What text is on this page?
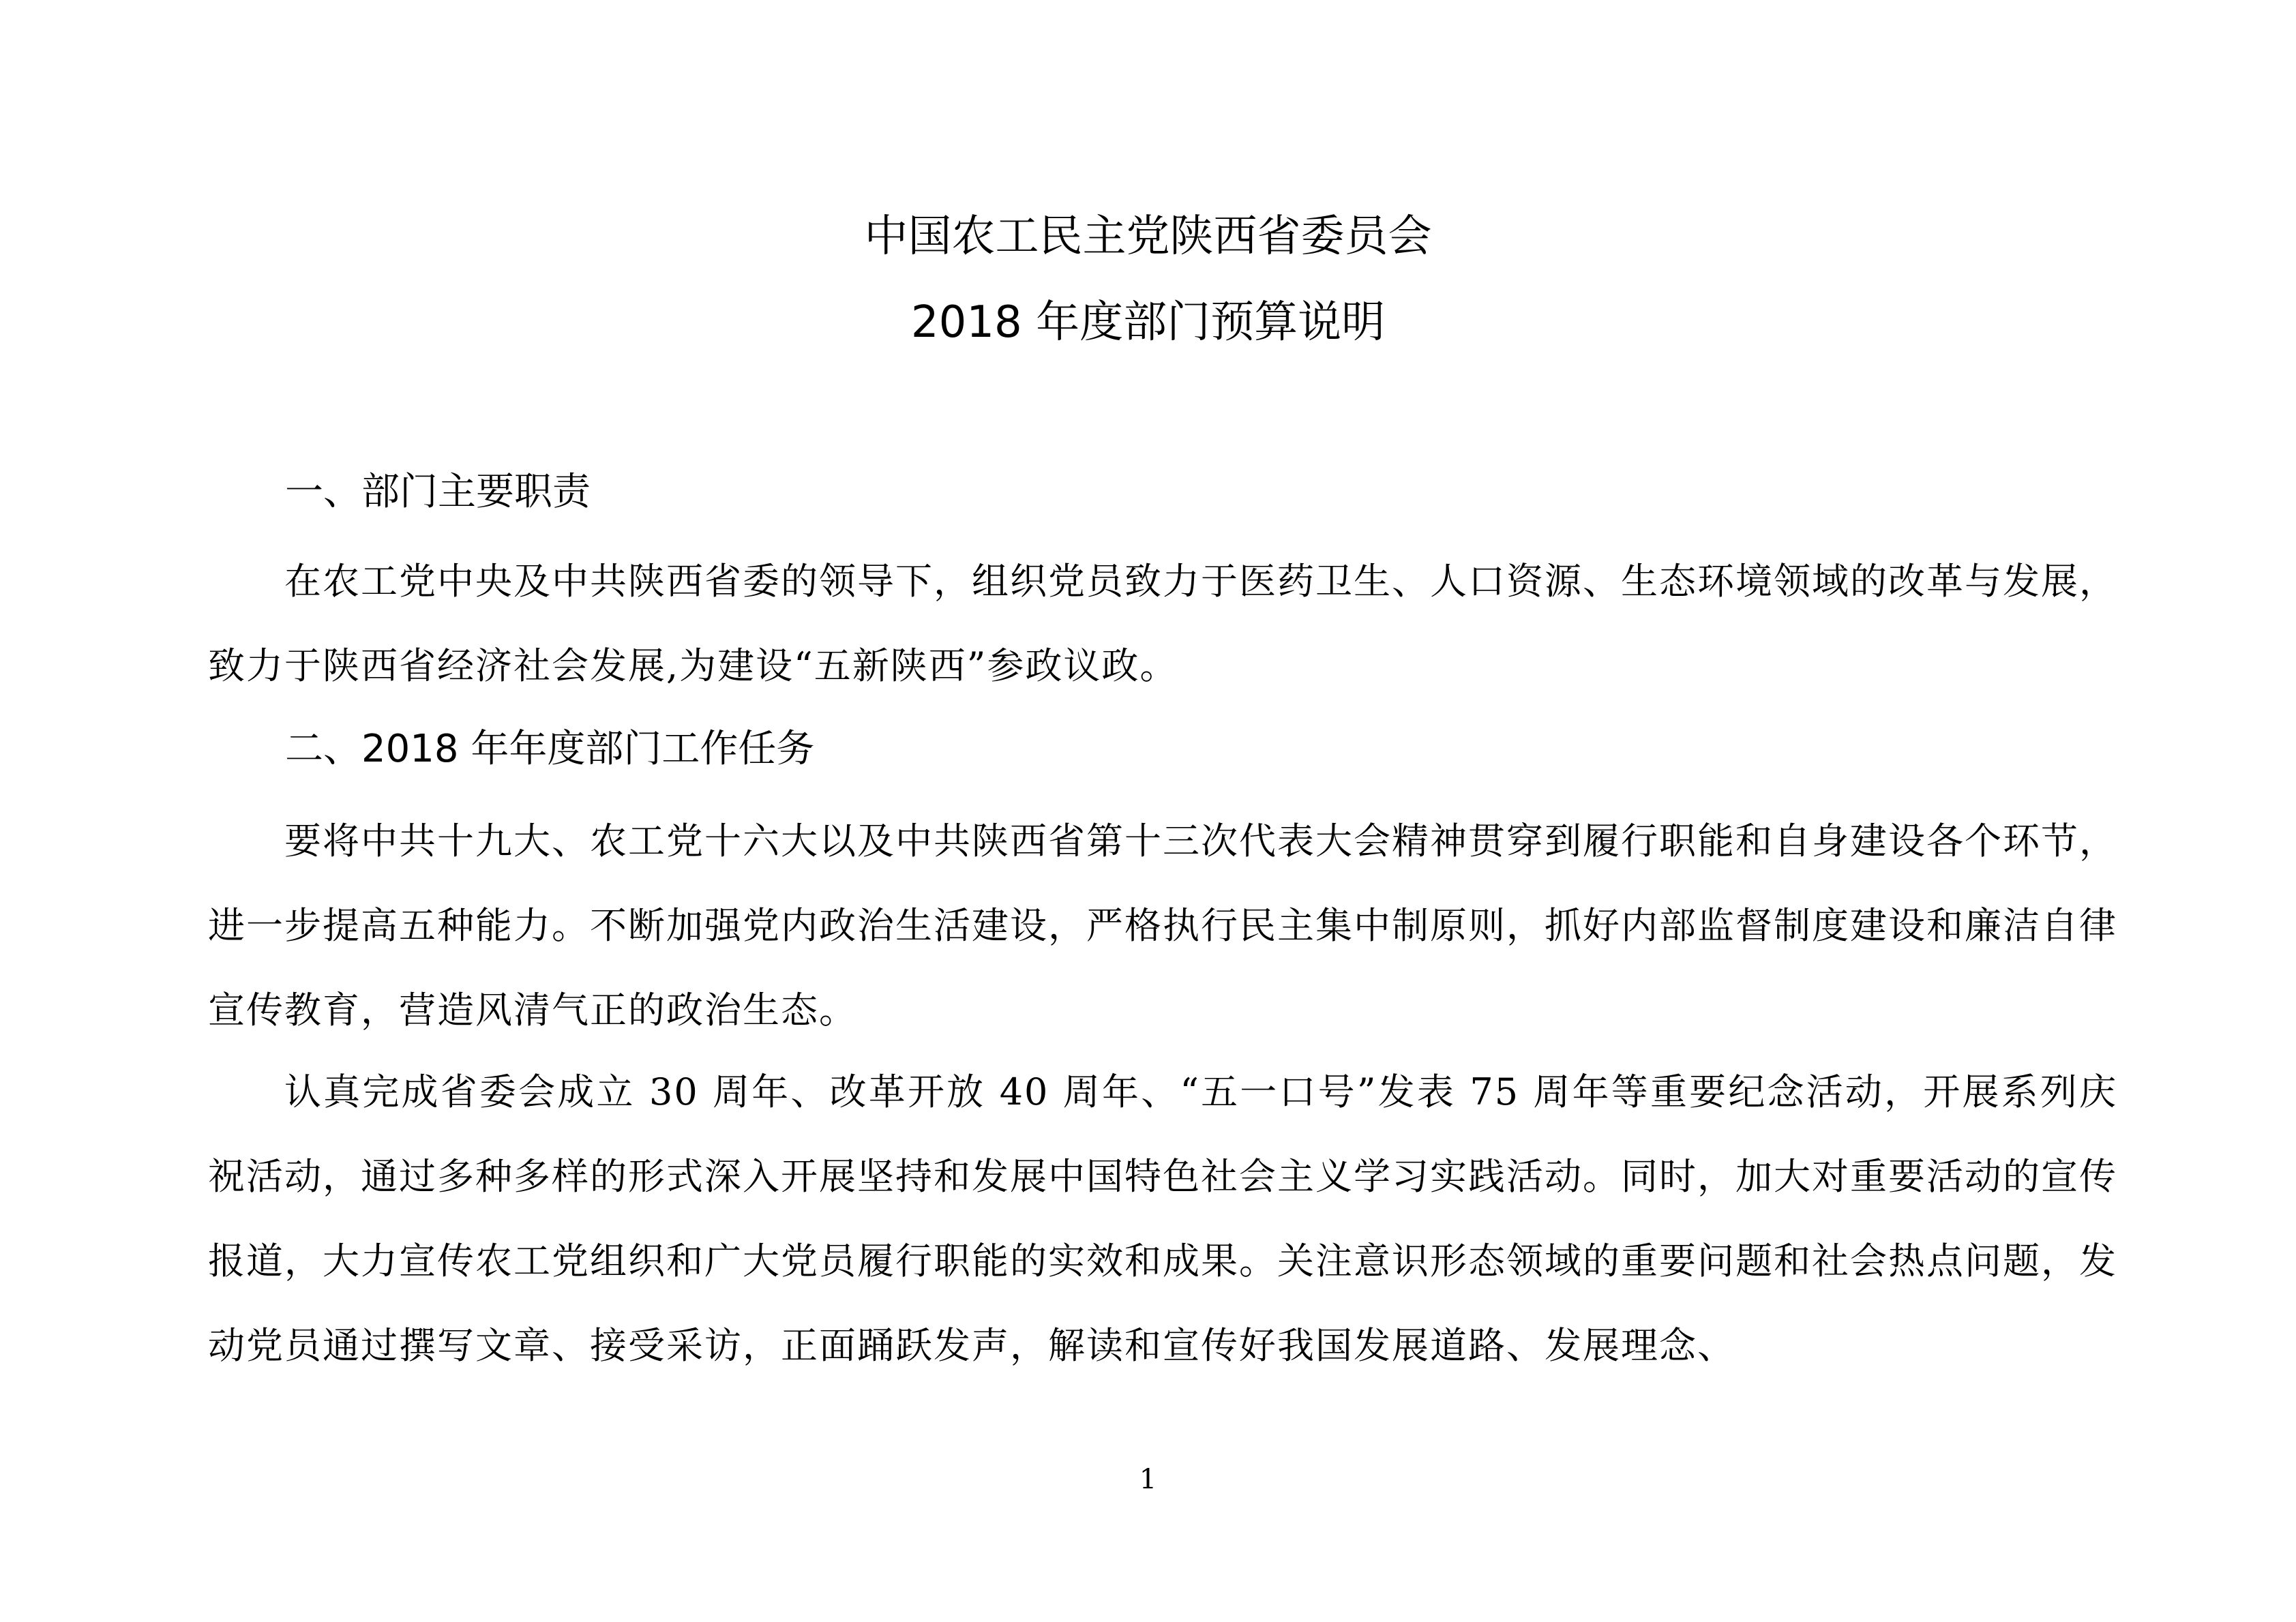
中国农工民主党陕西省委员会
2018 年度部门预算说明
一、部门主要职责

在农工党中央及中共陕西省委的领导下，组织党员致力于医药卫生、人口资源、生态环境领域的改革与发展，致力于陕西省经济社会发展,为建设“五新陕西”参政议政。

二、2018 年年度部门工作任务

要将中共十九大、农工党十六大以及中共陕西省第十三次代表大会精神贯穿到履行职能和自身建设各个环节，进一步提高五种能力。不断加强党内政治生活建设，严格执行民主集中制原则，抓好内部监督制度建设和廉洁自律宣传教育，营造风清气正的政治生态。

认真完成省委会成立 30 周年、改革开放 40 周年、“五一口号”发表 75 周年等重要纪念活动，开展系列庆祝活动，通过多种多样的形式深入开展坚持和发展中国特色社会主义学习实践活动。同时，加大对重要活动的宣传报道，大力宣传农工党组织和广大党员履行职能的实效和成果。关注意识形态领域的重要问题和社会热点问题，发动党员通过撰写文章、接受采访，正面踊跃发声，解读和宣传好我国发展道路、发展理念、

1
